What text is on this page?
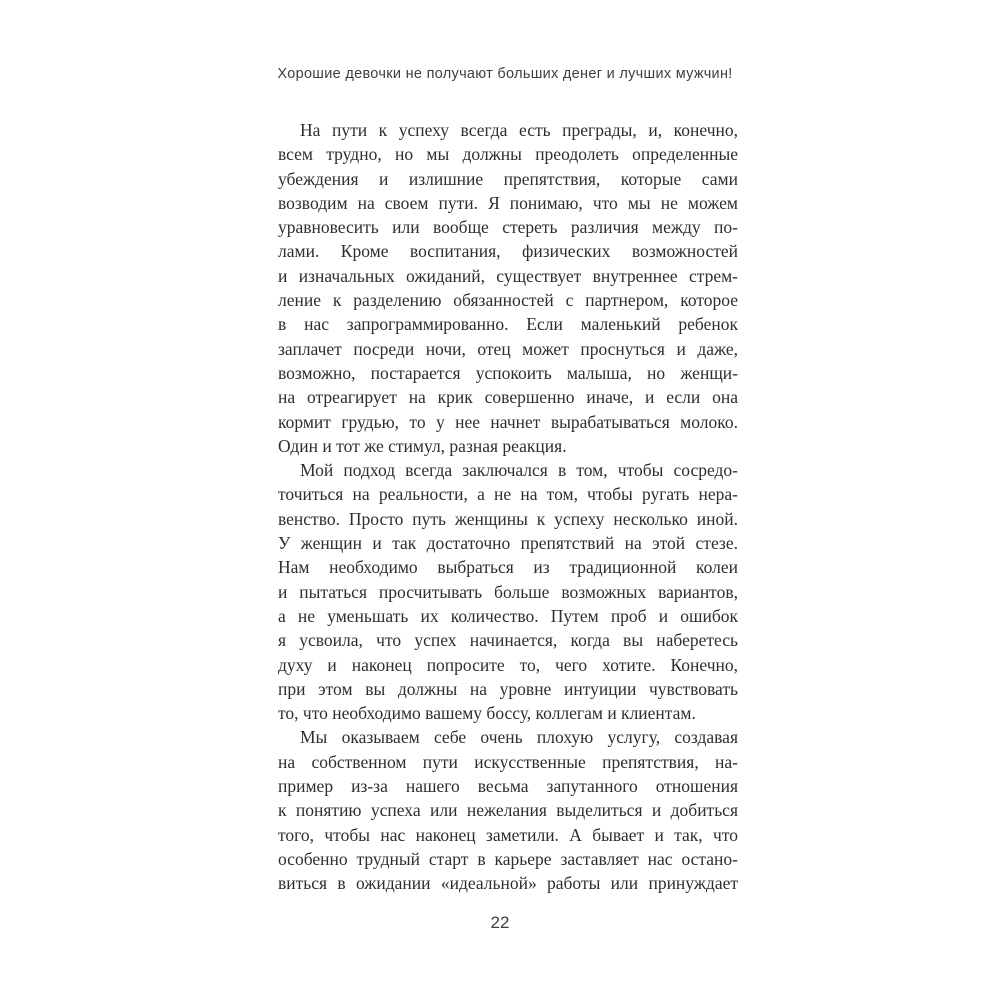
Хорошие девочки не получают больших денег и лучших мужчин!
На пути к успеху всегда есть преграды, и, конечно,
всем трудно, но мы должны преодолеть определенные
убеждения и излишние препятствия, которые сами
возводим на своем пути. Я понимаю, что мы не можем
уравновесить или вообще стереть различия между по-
лами. Кроме воспитания, физических возможностей
и изначальных ожиданий, существует внутреннее стрем-
ление к разделению обязанностей с партнером, которое
в нас запрограммированно. Если маленький ребенок
заплачет посреди ночи, отец может проснуться и даже,
возможно, постарается успокоить малыша, но женщи-
на отреагирует на крик совершенно иначе, и если она
кормит грудью, то у нее начнет вырабатываться молоко.
Один и тот же стимул, разная реакция.
Мой подход всегда заключался в том, чтобы сосредо-
точиться на реальности, а не на том, чтобы ругать нера-
венство. Просто путь женщины к успеху несколько иной.
У женщин и так достаточно препятствий на этой стезе.
Нам необходимо выбраться из традиционной колеи
и пытаться просчитывать больше возможных вариантов,
а не уменьшать их количество. Путем проб и ошибок
я усвоила, что успех начинается, когда вы наберетесь
духу и наконец попросите то, чего хотите. Конечно,
при этом вы должны на уровне интуиции чувствовать
то, что необходимо вашему боссу, коллегам и клиентам.
Мы оказываем себе очень плохую услугу, создавая
на собственном пути искусственные препятствия, на-
пример из-за нашего весьма запутанного отношения
к понятию успеха или нежелания выделиться и добиться
того, чтобы нас наконец заметили. А бывает и так, что
особенно трудный старт в карьере заставляет нас остано-
виться в ожидании «идеальной» работы или принуждает
22
